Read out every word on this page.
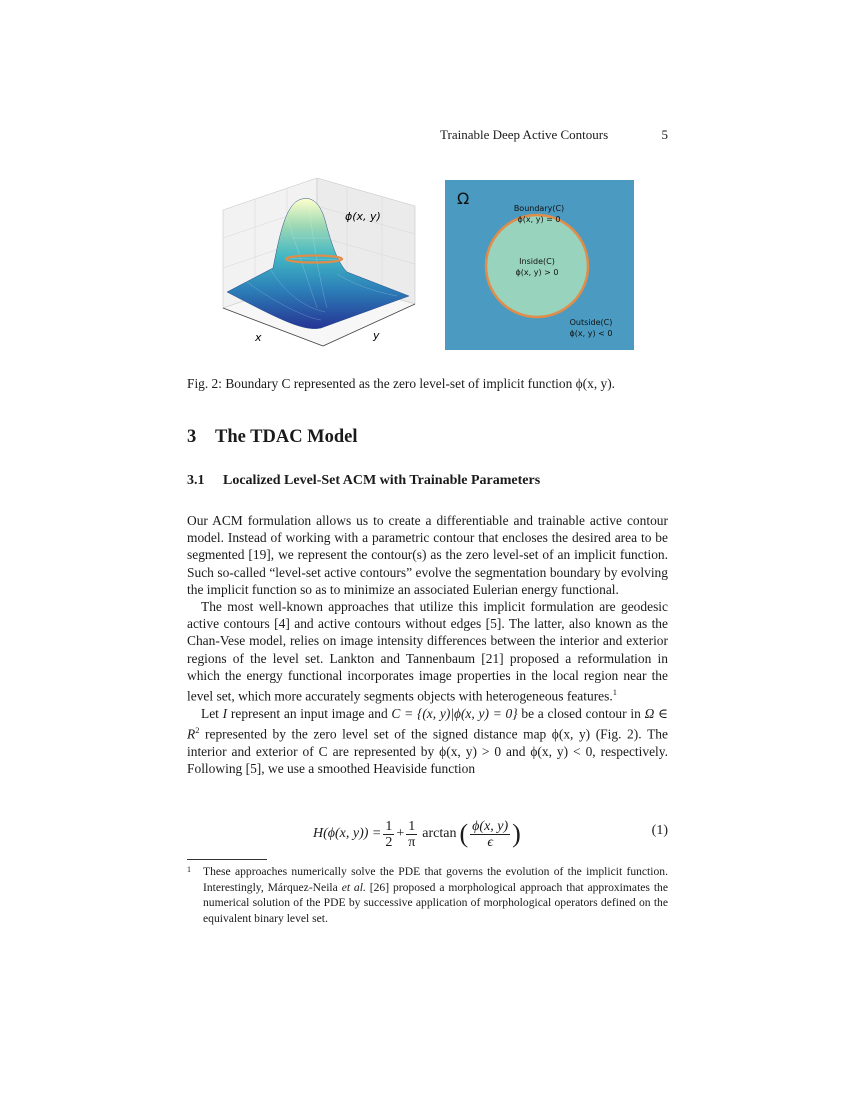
Trainable Deep Active Contours	5
ϕ(x, y)
x	y
Ω
Boundary(C)
ϕ(x, y) = 0
Inside(C)
ϕ(x, y) > 0
Outside(C)
ϕ(x, y) < 0
Fig. 2: Boundary C represented as the zero level-set of implicit function ϕ(x, y).
3 The TDAC Model
3.1 Localized Level-Set ACM with Trainable Parameters

Our ACM formulation allows us to create a differentiable and trainable active contour model. Instead of working with a parametric contour that encloses the desired area to be segmented [19], we represent the contour(s) as the zero level-set of an implicit function. Such so-called “level-set active contours” evolve the segmentation boundary by evolving the implicit function so as to minimize an associated Eulerian energy functional.

The most well-known approaches that utilize this implicit formulation are geodesic active contours [4] and active contours without edges [5]. The latter, also known as the Chan-Vese model, relies on image intensity differences between the interior and exterior regions of the level set. Lankton and Tannenbaum [21] proposed a reformulation in which the energy functional incorporates image properties in the local region near the level set, which more accurately segments objects with heterogeneous features.$^1$

Let I represent an input image and C = {(x, y)|ϕ(x, y) = 0} be a closed contour in Ω ∈ $R^2$ represented by the zero level set of the signed distance map ϕ(x, y) (Fig. 2). The interior and exterior of C are represented by ϕ(x, y) > 0 and ϕ(x, y) < 0, respectively. Following [5], we use a smoothed Heaviside function

H(ϕ(x, $y)) = \frac{1}{2} + \frac{1}{\pi}$ arctan ( $\frac{\phi(x, y)}{\epsilon}$ )	(1)
1	These approaches numerically solve the PDE that governs the evolution of the implicit function. Interestingly, Márquez-Neila et al. [26] proposed a morphological approach that approximates the numerical solution of the PDE by successive application of morphological operators defined on the equivalent binary level set.
